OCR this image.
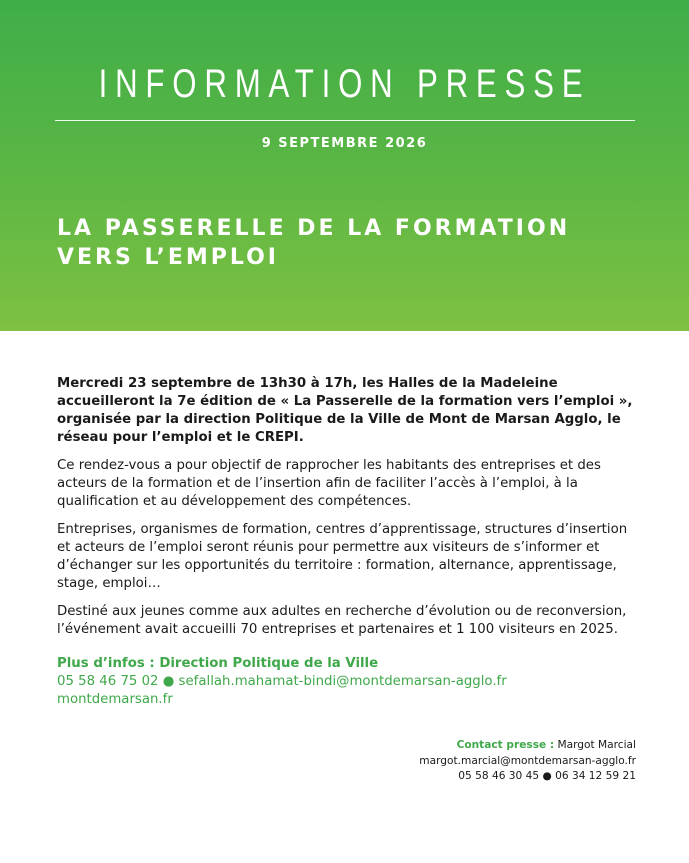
INFORMATION PRESSE
9 SEPTEMBRE 2026
LA PASSERELLE DE LA FORMATION
VERS L’EMPLOI

Mercredi 23 septembre de 13h30 à 17h, les Halles de la Madeleine accueilleront la 7e édition de « La Passerelle de la formation vers l’emploi », organisée par la direction Politique de la Ville de Mont de Marsan Agglo, le réseau pour l’emploi et le CREPI.

Ce rendez-vous a pour objectif de rapprocher les habitants des entreprises et des acteurs de la formation et de l’insertion afin de faciliter l’accès à l’emploi, à la qualification et au développement des compétences.

Entreprises, organismes de formation, centres d’apprentissage, structures d’insertion et acteurs de l’emploi seront réunis pour permettre aux visiteurs de s’informer et d’échanger sur les opportunités du territoire : formation, alternance, apprentissage, stage, emploi…

Destiné aux jeunes comme aux adultes en recherche d’évolution ou de reconversion, l’événement avait accueilli 70 entreprises et partenaires et 1 100 visiteurs en 2025.

Plus d’infos : Direction Politique de la Ville
05 58 46 75 02 ● sefallah.mahamat-bindi@montdemarsan-agglo.fr
montdemarsan.fr
Contact presse : Margot Marcial
margot.marcial@montdemarsan-agglo.fr
05 58 46 30 45 ● 06 34 12 59 21
